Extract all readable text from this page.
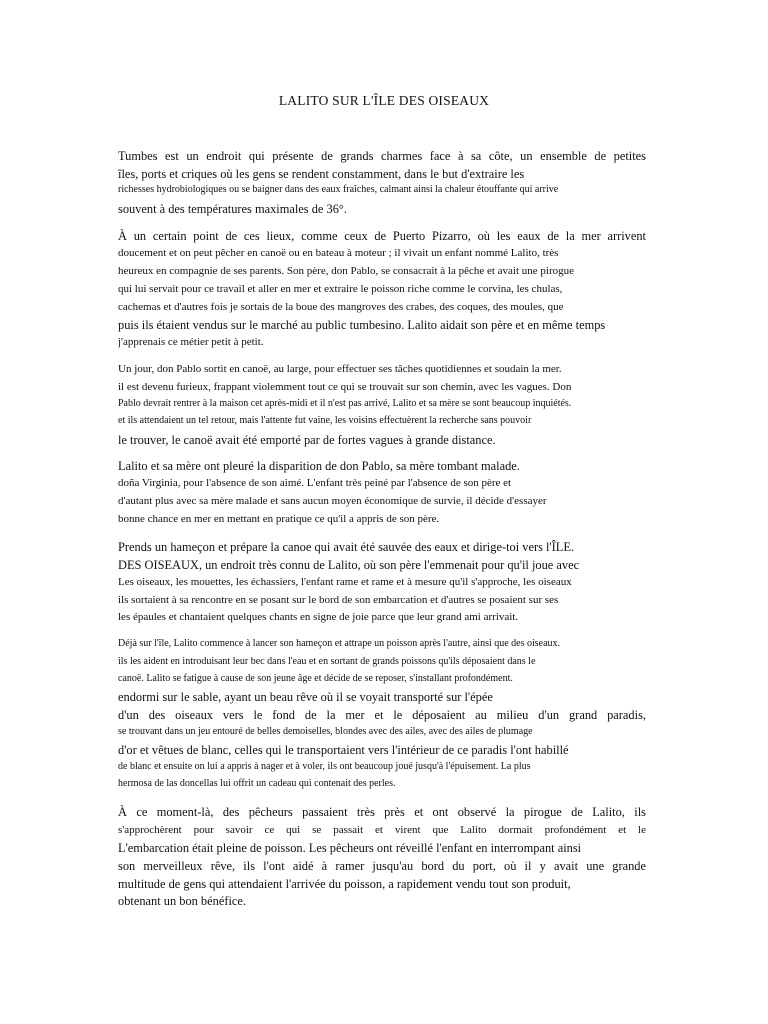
LALITO SUR L'ÎLE DES OISEAUX
Tumbes est un endroit qui présente de grands charmes face à sa côte, un ensemble de petites
îles, ports et criques où les gens se rendent constamment, dans le but d'extraire les
richesses hydrobiologiques ou se baigner dans des eaux fraîches, calmant ainsi la chaleur étouffante qui arrive
souvent à des températures maximales de 36°.
À un certain point de ces lieux, comme ceux de Puerto Pizarro, où les eaux de la mer arrivent
doucement et on peut pêcher en canoë ou en bateau à moteur ; il vivait un enfant nommé Lalito, très
heureux en compagnie de ses parents. Son père, don Pablo, se consacrait à la pêche et avait une pirogue
qui lui servait pour ce travail et aller en mer et extraire le poisson riche comme le corvina, les chulas,
cachemas et d'autres fois je sortais de la boue des mangroves des crabes, des coques, des moules, que
puis ils étaient vendus sur le marché au public tumbesino. Lalito aidait son père et en même temps
j'apprenais ce métier petit à petit.
Un jour, don Pablo sortit en canoë, au large, pour effectuer ses tâches quotidiennes et soudain la mer.
il est devenu furieux, frappant violemment tout ce qui se trouvait sur son chemin, avec les vagues. Don
Pablo devrait rentrer à la maison cet après-midi et il n'est pas arrivé, Lalito et sa mère se sont beaucoup inquiétés.
et ils attendaient un tel retour, mais l'attente fut vaine, les voisins effectuèrent la recherche sans pouvoir
le trouver, le canoë avait été emporté par de fortes vagues à grande distance.
Lalito et sa mère ont pleuré la disparition de don Pablo, sa mère tombant malade.
doña Virginia, pour l'absence de son aimé. L'enfant très peiné par l'absence de son père et
d'autant plus avec sa mère malade et sans aucun moyen économique de survie, il décide d'essayer
bonne chance en mer en mettant en pratique ce qu'il a appris de son père.
Prends un hameçon et prépare la canoe qui avait été sauvée des eaux et dirige-toi vers l'ÎLE.
DES OISEAUX, un endroit très connu de Lalito, où son père l'emmenait pour qu'il joue avec
Les oiseaux, les mouettes, les échassiers, l'enfant rame et rame et à mesure qu'il s'approche, les oiseaux
ils sortaient à sa rencontre en se posant sur le bord de son embarcation et d'autres se posaient sur ses
les épaules et chantaient quelques chants en signe de joie parce que leur grand ami arrivait.
Déjà sur l'île, Lalito commence à lancer son hameçon et attrape un poisson après l'autre, ainsi que des oiseaux.
ils les aident en introduisant leur bec dans l'eau et en sortant de grands poissons qu'ils déposaient dans le
canoë. Lalito se fatigue à cause de son jeune âge et décide de se reposer, s'installant profondément.
endormi sur le sable, ayant un beau rêve où il se voyait transporté sur l'épée
d'un des oiseaux vers le fond de la mer et le déposaient au milieu d'un grand paradis,
se trouvant dans un jeu entouré de belles demoiselles, blondes avec des ailes, avec des ailes de plumage
d'or et vêtues de blanc, celles qui le transportaient vers l'intérieur de ce paradis l'ont habillé
de blanc et ensuite on lui a appris à nager et à voler, ils ont beaucoup joué jusqu'à l'épuisement. La plus
hermosa de las doncellas lui offrit un cadeau qui contenait des perles.
À ce moment-là, des pêcheurs passaient très près et ont observé la pirogue de Lalito, ils
s'approchèrent pour savoir ce qui se passait et virent que Lalito dormait profondément et le
L'embarcation était pleine de poisson. Les pêcheurs ont réveillé l'enfant en interrompant ainsi
son merveilleux rêve, ils l'ont aidé à ramer jusqu'au bord du port, où il y avait une grande
multitude de gens qui attendaient l'arrivée du poisson, a rapidement vendu tout son produit,
obtenant un bon bénéfice.
